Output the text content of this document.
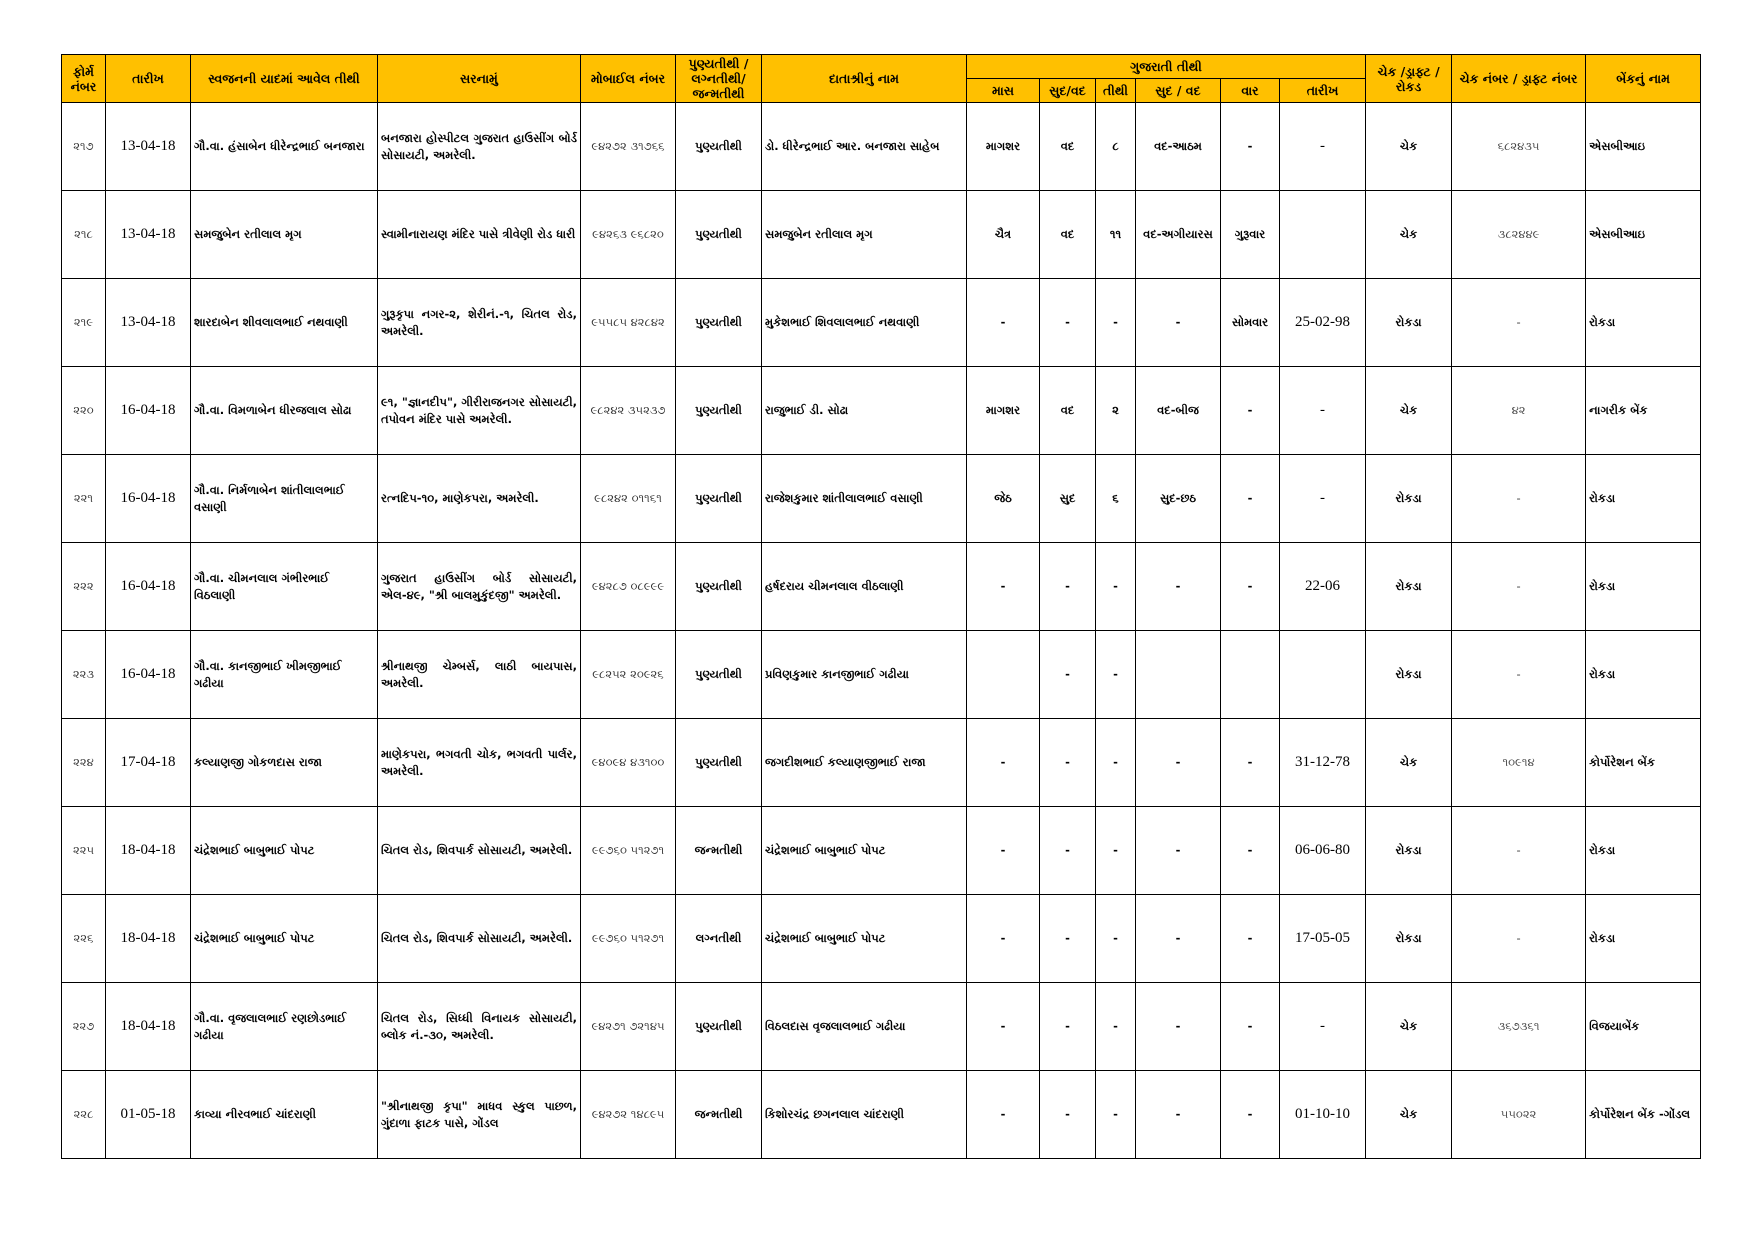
ફોર્મ નંબર	તારીખ	સ્વજનની યાદમાં આવેલ તીથી	સરનામું	મોબાઈલ નંબર	પુણ્યતીથી / લગ્નતીથી/ જન્મતીથી	દાતાશ્રીનું નામ	ગુજરાતી તીથી						ચેક /ડ્રાફ્ટ / રોકડ	ચેક નંબર / ડ્રાફ્ટ નંબર	બેંકનું નામ
							માસ	સુદ/વદ	તીથી	સુદ / વદ	વાર	તારીખ			
૨૧૭	13-04-18	ગૌ.વા. હંસાબેન ધીરેન્દ્રભાઈ બનજારા	બનજારા હોસ્પીટલ ગુજરાત હાઉસીંગ બોર્ડ સોસાયટી, અમરેલી.	૯૪૨૭૨ ૩૧૭૬૬	પુણ્યતીથી	ડો. ધીરેન્દ્રભાઈ આર. બનજારા સાહેબ	માગશર	વદ	૮	વદ-આઠમ	-	-	ચેક	૬૮૨૪૩૫	એસબીઆઇ
૨૧૮	13-04-18	સમજુબેન રતીલાલ મૃગ	સ્વામીનારાયણ મંદિર પાસે ત્રીવેણી રોડ ધારી	૯૪૨૬૩ ૯૬૮૨૦	પુણ્યતીથી	સમજુબેન રતીલાલ મૃગ	ચૈત્ર	વદ	૧૧	વદ-અગીયારસ	ગુરૂવાર		ચેક	૩૮૨૪૪૯	એસબીઆઇ
૨૧૯	13-04-18	શારદાબેન શીવલાલભાઈ નથવાણી	ગુરૂકૃપા નગર-૨, શેરીનં.-૧, ચિતલ રોડ, અમરેલી.	૯૫૫૮૫ ૪૨૮૪૨	પુણ્યતીથી	મુકેશભાઈ શિવલાલભાઈ નથવાણી	-	-	-	-	સોમવાર	25-02-98	રોકડા	-	રોકડા
૨૨૦	16-04-18	ગૌ.વા. વિમળાબેન ધીરજલાલ સોઢા	૯૧, "જ્ઞાનદીપ", ગીરીરાજનગર સોસાયટી, તપોવન મંદિર પાસે અમરેલી.	૯૮૨૪૨ ૩૫૨૩૭	પુણ્યતીથી	રાજુભાઈ ડી. સોઢા	માગશર	વદ	૨	વદ-બીજ	-	-	ચેક	૪૨	નાગરીક બેંક
૨૨૧	16-04-18	ગૌ.વા. નિર્મળાબેન શાંતીલાલભાઈ વસાણી	રત્નદિપ-૧૦, માણેકપરા, અમરેલી.	૯૮૨૪૨ ૦૧૧૬૧	પુણ્યતીથી	રાજેશકુમાર શાંતીલાલભાઈ વસાણી	જેઠ	સુદ	૬	સુદ-છઠ	-	-	રોકડા	-	રોકડા
૨૨૨	16-04-18	ગૌ.વા. ચીમનલાલ ગંભીરભાઈ વિઠલાણી	ગુજરાત હાઉસીંગ બોર્ડ સોસાયટી, એલ-૪૯, "શ્રી બાલમુકુંદજી" અમરેલી.	૯૪૨૮૭ ૦૮૯૯૯	પુણ્યતીથી	હર્ષદરાય ચીમનલાલ વીઠલાણી	-	-	-	-	-	22-06	રોકડા	-	રોકડા
૨૨૩	16-04-18	ગૌ.વા. કાનજીભાઈ ખીમજીભાઈ ગઢીયા	શ્રીનાથજી ચેમ્બર્સ, લાઠી બાયપાસ, અમરેલી.	૯૮૨૫૨ ૨૦૯૨૬	પુણ્યતીથી	પ્રવિણકુમાર કાનજીભાઈ ગઢીયા		-	-				રોકડા	-	રોકડા
૨૨૪	17-04-18	કલ્યાણજી ગોકળદાસ રાજા	માણેકપરા, ભગવતી ચોક, ભગવતી પાર્લર, અમરેલી.	૯૪૦૯૪ ૪૩૧૦૦	પુણ્યતીથી	જગદીશભાઈ કલ્યાણજીભાઈ રાજા	-	-	-	-	-	31-12-78	ચેક	૧૦૯૧૪	કોર્પોરેશન બેંક
૨૨૫	18-04-18	ચંદ્રેશભાઈ બાબુભાઈ પોપટ	ચિતલ રોડ, શિવપાર્ક સોસાયટી, અમરેલી.	૯૯૭૬૦ ૫૧૨૭૧	જન્મતીથી	ચંદ્રેશભાઈ બાબુભાઈ પોપટ	-	-	-	-	-	06-06-80	રોકડા	-	રોકડા
૨૨૬	18-04-18	ચંદ્રેશભાઈ બાબુભાઈ પોપટ	ચિતલ રોડ, શિવપાર્ક સોસાયટી, અમરેલી.	૯૯૭૬૦ ૫૧૨૭૧	લગ્નતીથી	ચંદ્રેશભાઈ બાબુભાઈ પોપટ	-	-	-	-	-	17-05-05	રોકડા	-	રોકડા
૨૨૭	18-04-18	ગૌ.વા. વૃજલાલભાઈ રણછોડભાઈ ગઢીયા	ચિતલ રોડ, સિધ્ધી વિનાયક સોસાયટી, બ્લોક નં.-૩૦, અમરેલી.	૯૪૨૭૧ ૭૨૧૪૫	પુણ્યતીથી	વિઠલદાસ વૃજલાલભાઈ ગઢીયા	-	-	-	-	-	-	ચેક	૩૬૭૩૬૧	વિજયાબેંક
૨૨૮	01-05-18	કાવ્યા નીરવભાઈ ચાંદરાણી	"શ્રીનાથજી કૃપા" માધવ સ્કુલ પાછળ, ગુંદાળા ફાટક પાસે, ગોંડલ	૯૪૨૭૨ ૧૪૮૯૫	જન્મતીથી	કિશોરચંદ્ર છગનલાલ ચાંદરાણી	-	-	-	-	-	01-10-10	ચેક	૫૫૦૨૨	કોર્પોરેશન બેંક -ગોંડલ
